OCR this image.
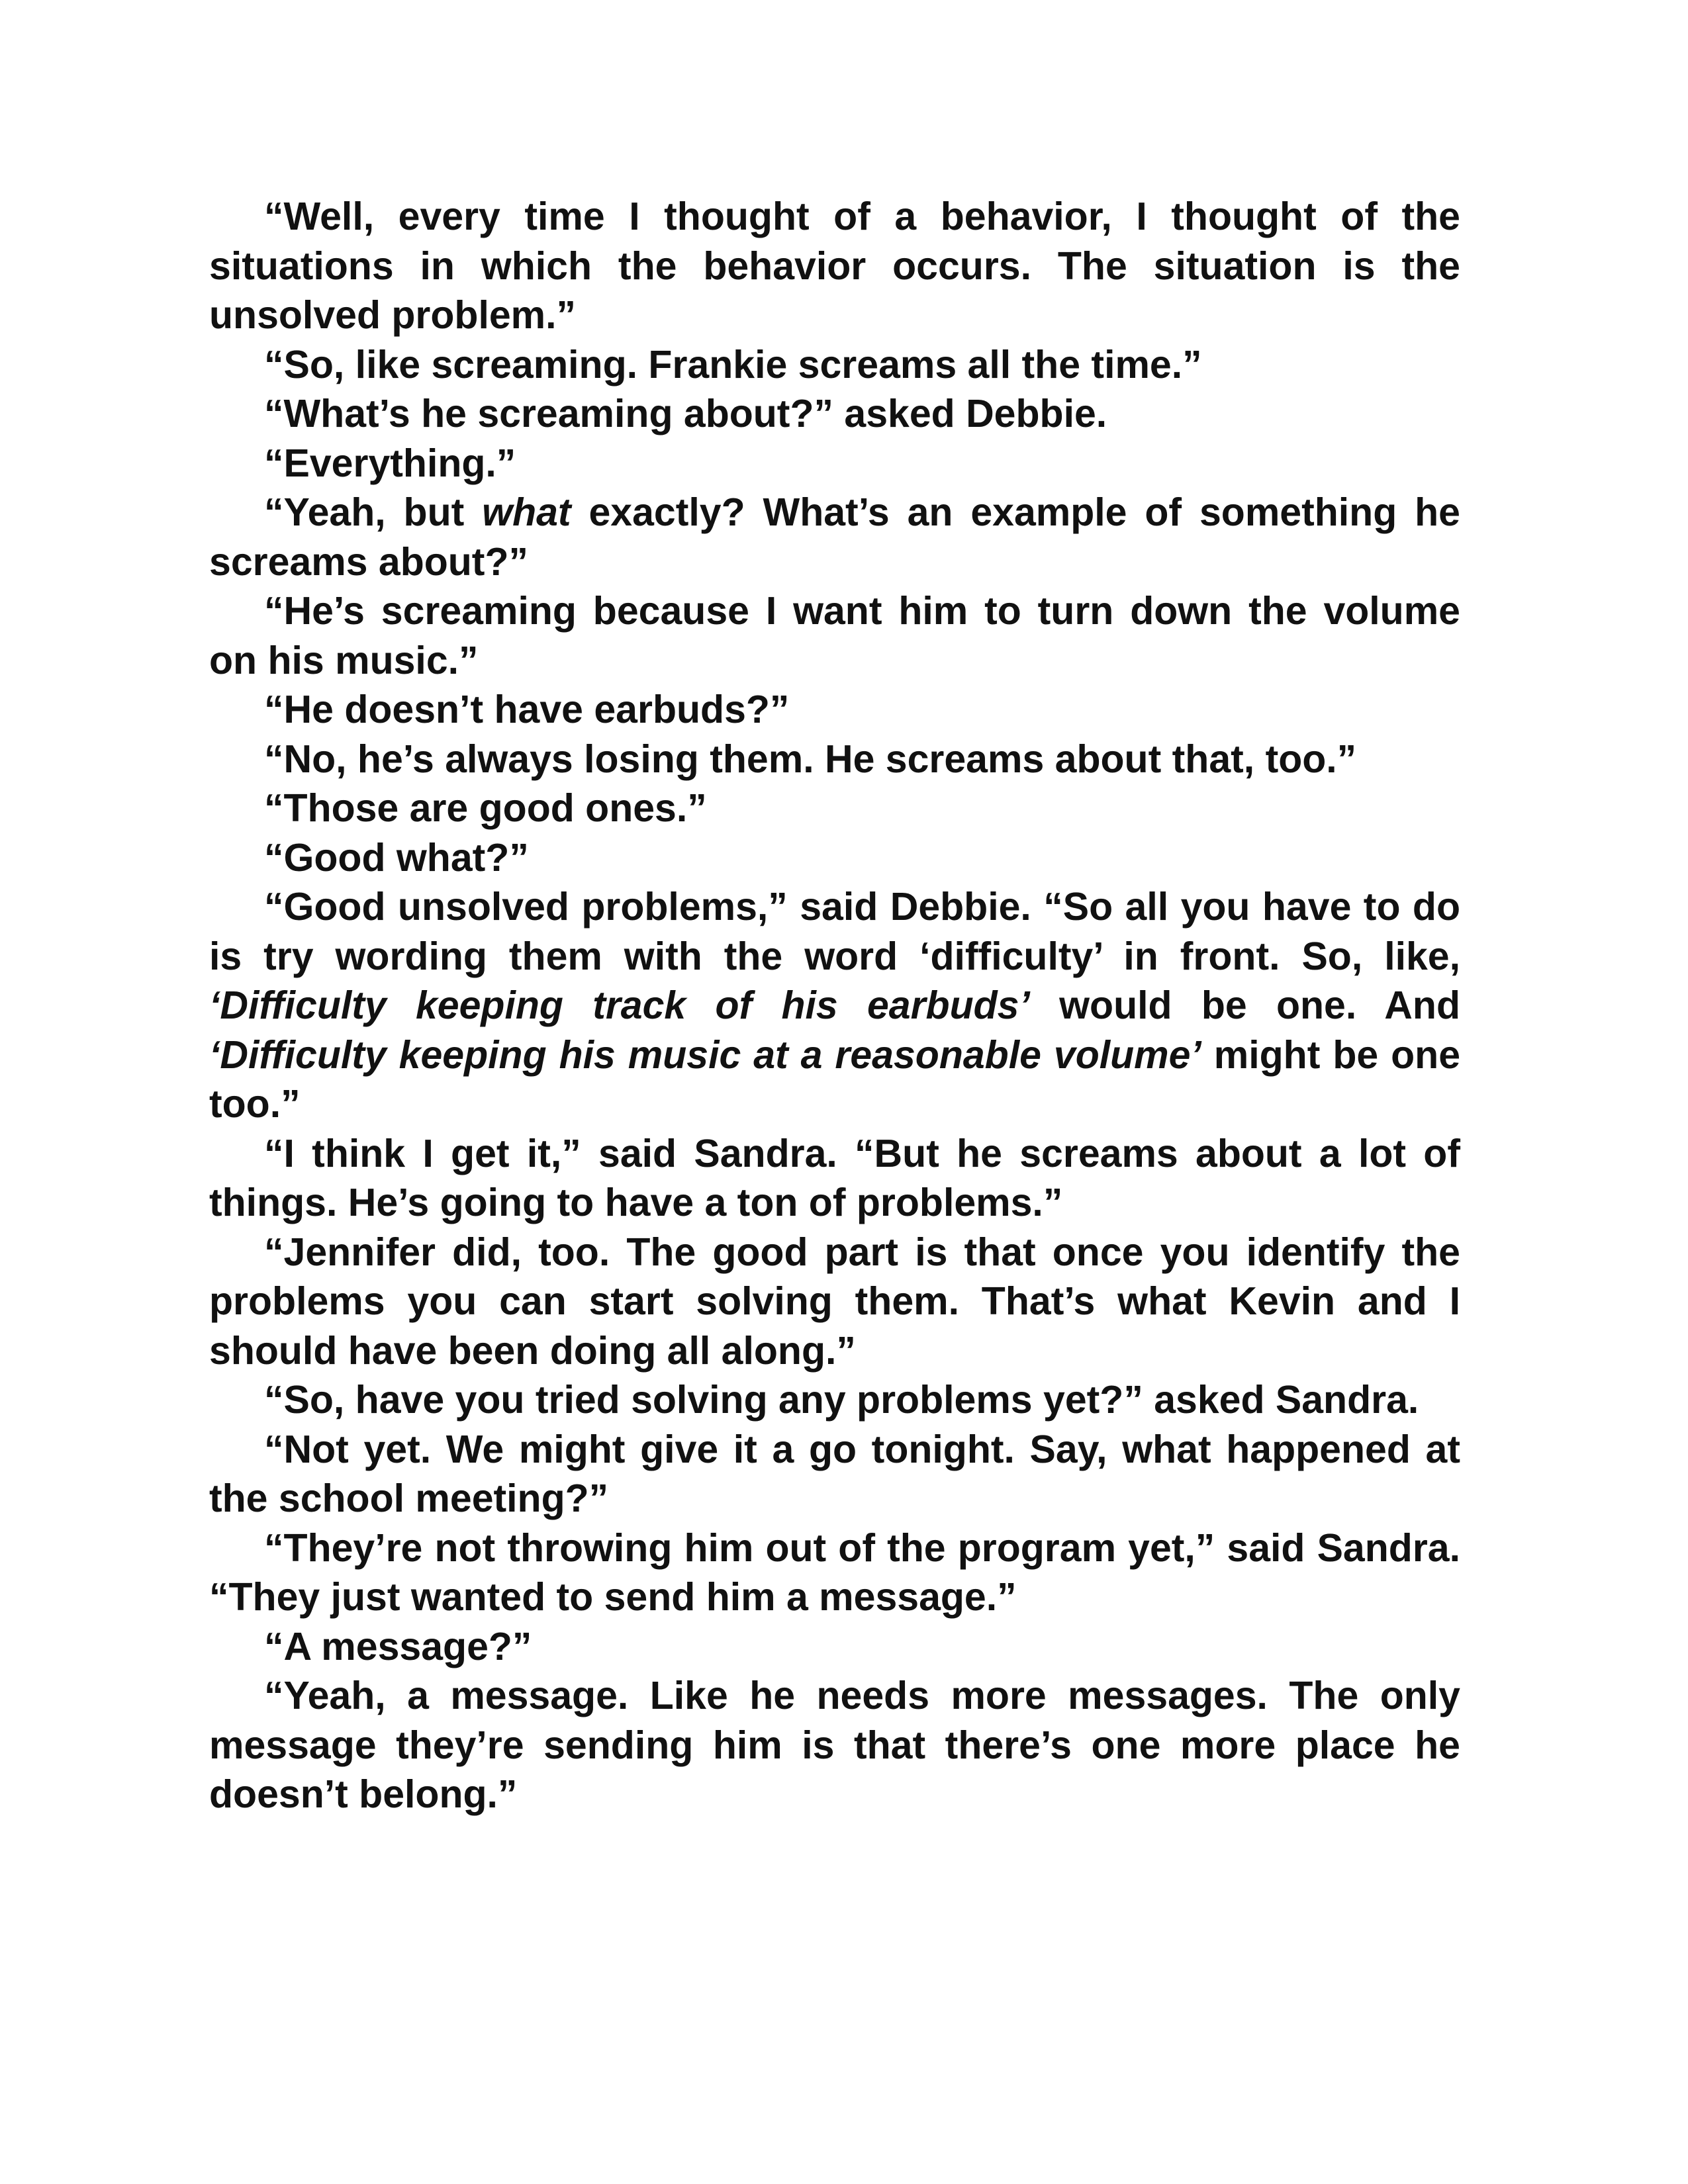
“Well, every time I thought of a behavior, I thought of the situations in which the behavior occurs. The situation is the unsolved problem.”

“So, like screaming. Frankie screams all the time.”

“What’s he screaming about?” asked Debbie.

“Everything.”

“Yeah, but what exactly? What’s an example of something he screams about?”

“He’s screaming because I want him to turn down the volume on his music.”

“He doesn’t have earbuds?”

“No, he’s always losing them. He screams about that, too.”

“Those are good ones.”

“Good what?”

“Good unsolved problems,” said Debbie. “So all you have to do is try wording them with the word ‘difficulty’ in front. So, like, ‘Difficulty keeping track of his earbuds’ would be one. And ‘Difficulty keeping his music at a reasonable volume’ might be one too.”

“I think I get it,” said Sandra. “But he screams about a lot of things. He’s going to have a ton of problems.”

“Jennifer did, too. The good part is that once you identify the problems you can start solving them. That’s what Kevin and I should have been doing all along.”

“So, have you tried solving any problems yet?” asked Sandra.

“Not yet. We might give it a go tonight. Say, what happened at the school meeting?”

“They’re not throwing him out of the program yet,” said Sandra. “They just wanted to send him a message.”

“A message?”

“Yeah, a message. Like he needs more messages. The only message they’re sending him is that there’s one more place he doesn’t belong.”
